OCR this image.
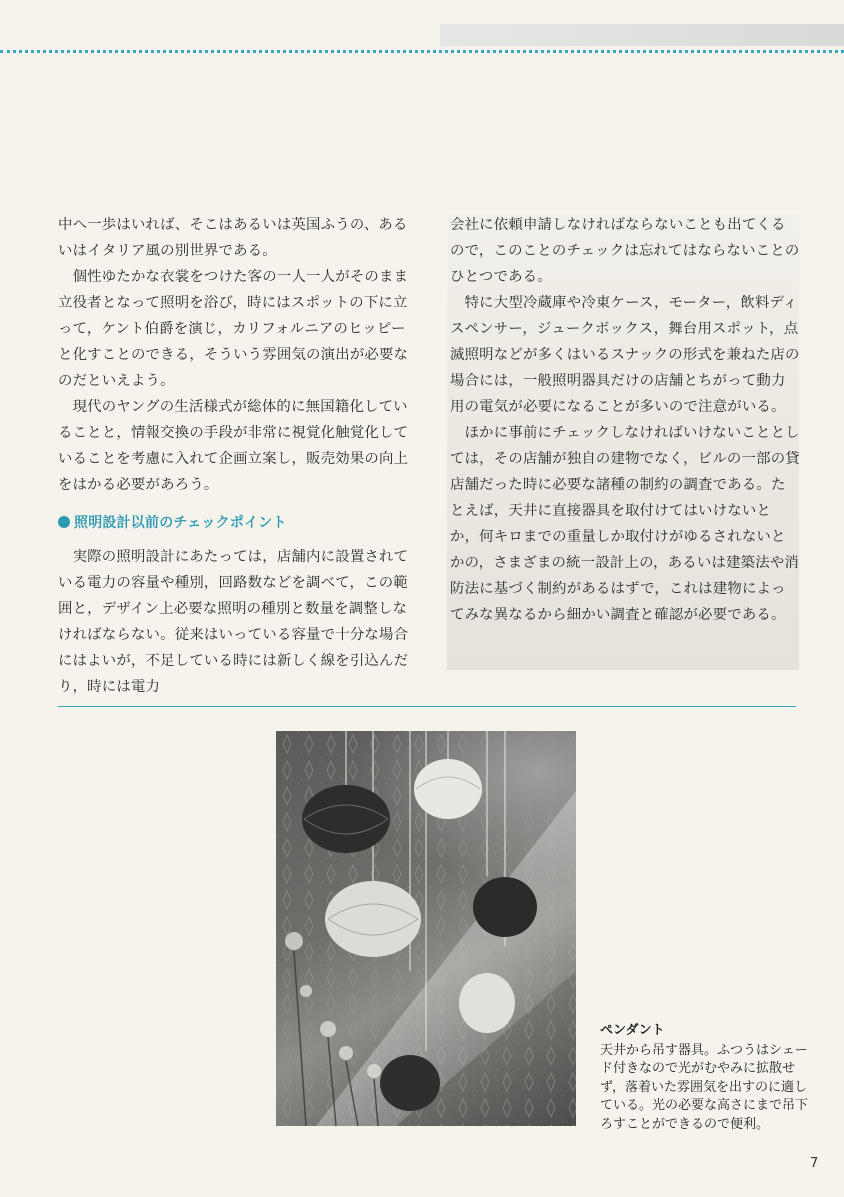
中へ一歩はいれば、そこはあるいは英国ふうの、あるいはイタリア風の別世界である。

　個性ゆたかな衣裳をつけた客の一人一人がそのまま立役者となって照明を浴び，時にはスポットの下に立って，ケント伯爵を演じ，カリフォルニアのヒッピーと化すことのできる，そういう雰囲気の演出が必要なのだといえよう。

　現代のヤングの生活様式が総体的に無国籍化していることと，情報交換の手段が非常に視覚化触覚化していることを考慮に入れて企画立案し，販売効果の向上をはかる必要があろう。

照明設計以前のチェックポイント

　実際の照明設計にあたっては，店舗内に設置されている電力の容量や種別，回路数などを調べて，この範囲と，デザイン上必要な照明の種別と数量を調整しなければならない。従来はいっている容量で十分な場合にはよいが，不足している時には新しく線を引込んだり，時には電力

会社に依頼申請しなければならないことも出てくるので，このことのチェックは忘れてはならないことのひとつである。

　特に大型冷蔵庫や冷東ケース，モーター，飲料ディスペンサー，ジュークボックス，舞台用スポット，点滅照明などが多くはいるスナックの形式を兼ねた店の場合には，一般照明器具だけの店舗とちがって動力用の電気が必要になることが多いので注意がいる。

　ほかに事前にチェックしなければいけないこととしては，その店舗が独自の建物でなく，ビルの一部の貸店舗だった時に必要な諸種の制約の調査である。たとえば，天井に直接器具を取付けてはいけないとか，何キロまでの重量しか取付けがゆるされないとかの，さまざまの統一設計上の，あるいは建築法や消防法に基づく制約があるはずで，これは建物によってみな異なるから細かい調査と確認が必要である。

ペンダント
天井から吊す器具。ふつうはシェード付きなので光がむやみに拡散せず，落着いた雰囲気を出すのに適している。光の必要な高さにまで吊下ろすことができるので便利。
7
